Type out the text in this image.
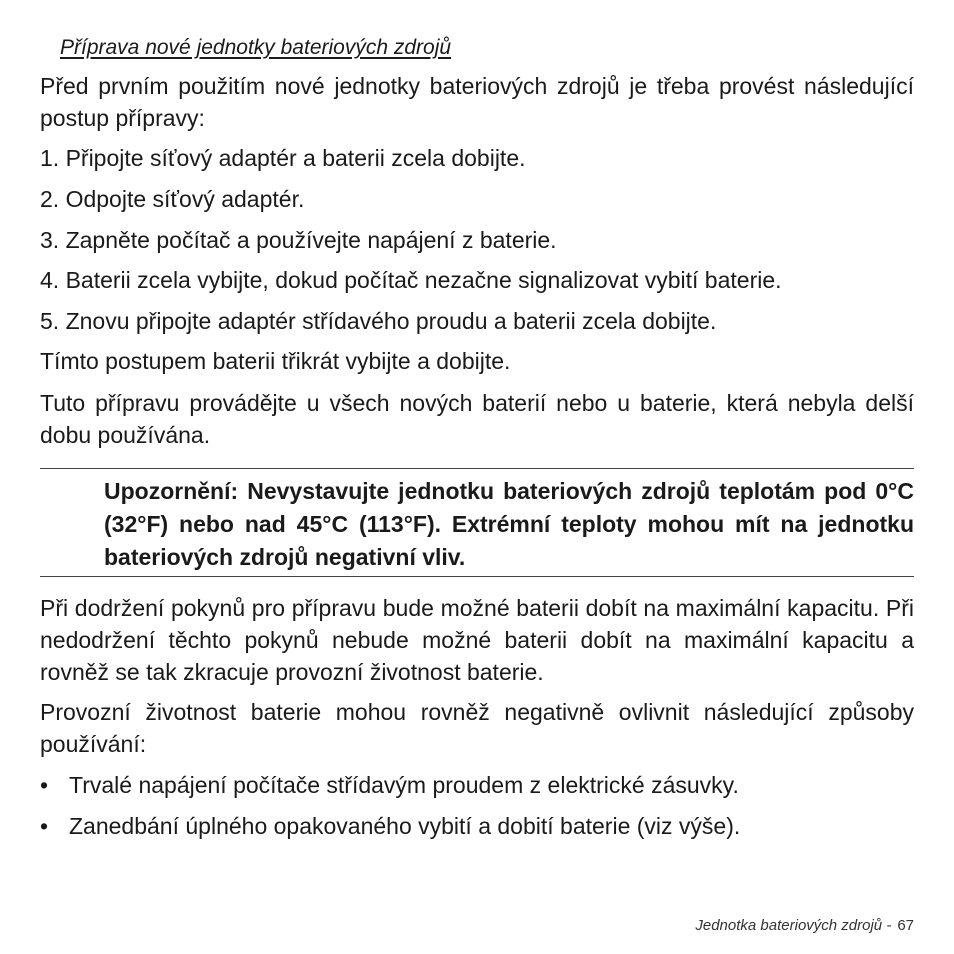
Příprava nové jednotky bateriových zdrojů
Před prvním použitím nové jednotky bateriových zdrojů je třeba provést následující postup přípravy:
1. Připojte síťový adaptér a baterii zcela dobijte.
2. Odpojte síťový adaptér.
3. Zapněte počítač a používejte napájení z baterie.
4. Baterii zcela vybijte, dokud počítač nezačne signalizovat vybití baterie.
5. Znovu připojte adaptér střídavého proudu a baterii zcela dobijte.
Tímto postupem baterii třikrát vybijte a dobijte.
Tuto přípravu provádějte u všech nových baterií nebo u baterie, která nebyla delší dobu používána.
Upozornění: Nevystavujte jednotku bateriových zdrojů teplotám pod 0°C (32°F) nebo nad 45°C (113°F). Extrémní teploty mohou mít na jednotku bateriových zdrojů negativní vliv.
Při dodržení pokynů pro přípravu bude možné baterii dobít na maximální kapacitu. Při nedodržení těchto pokynů nebude možné baterii dobít na maximální kapacitu a rovněž se tak zkracuje provozní životnost baterie.
Provozní životnost baterie mohou rovněž negativně ovlivnit následující způsoby používání:
• Trvalé napájení počítače střídavým proudem z elektrické zásuvky.
• Zanedbání úplného opakovaného vybití a dobití baterie (viz výše).
Jednotka bateriových zdrojů - 67
